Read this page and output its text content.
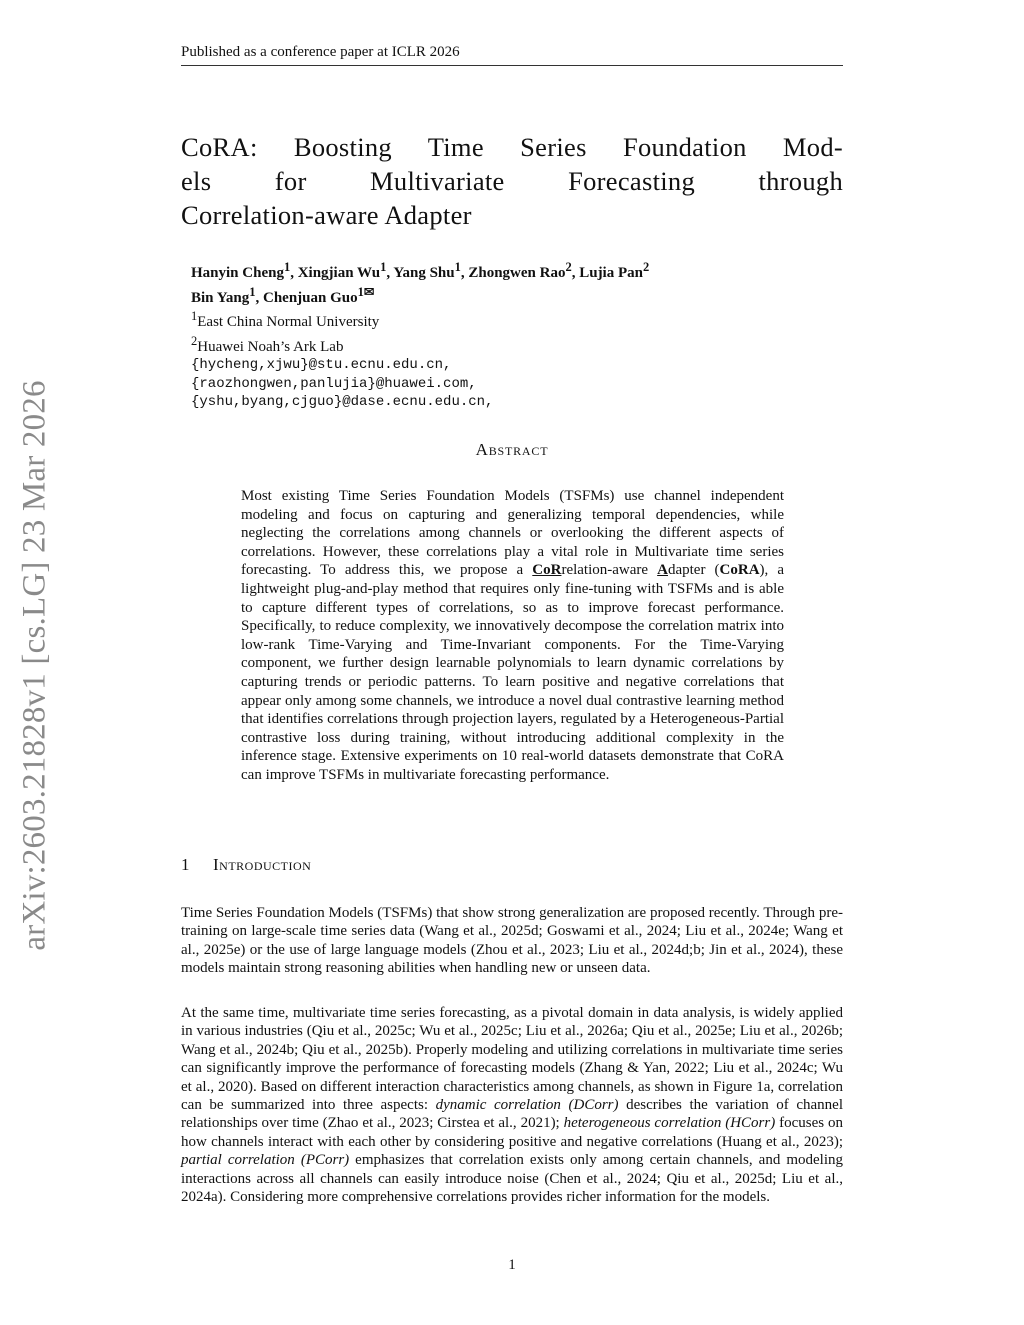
arXiv:2603.21828v1 [cs.LG] 23 Mar 2026
Published as a conference paper at ICLR 2026
CoRA: Boosting Time Series Foundation Mod-
els for Multivariate Forecasting through
Correlation-aware Adapter
Hanyin Cheng$^1$, Xingjian Wu$^1$, Yang Shu$^1$, Zhongwen Rao$^2$, Lujia Pan$^2$
Bin Yang$^1$, Chenjuan Guo$^{1✉}$
$^1$East China Normal University
$^2$Huawei Noah’s Ark Lab
{hycheng,xjwu}@stu.ecnu.edu.cn,
{raozhongwen,panlujia}@huawei.com,
{yshu,byang,cjguo}@dase.ecnu.edu.cn,
Abstract

Most existing Time Series Foundation Models (TSFMs) use channel independent modeling and focus on capturing and generalizing temporal dependencies, while neglecting the correlations among channels or overlooking the different aspects of correlations. However, these correlations play a vital role in Multivariate time series forecasting. To address this, we propose a CoRrelation-aware Adapter (CoRA), a lightweight plug-and-play method that requires only fine-tuning with TSFMs and is able to capture different types of correlations, so as to improve forecast performance. Specifically, to reduce complexity, we innovatively decompose the correlation matrix into low-rank Time-Varying and Time-Invariant components. For the Time-Varying component, we further design learnable polynomials to learn dynamic correlations by capturing trends or periodic patterns. To learn positive and negative correlations that appear only among some channels, we introduce a novel dual contrastive learning method that identifies correlations through projection layers, regulated by a Heterogeneous-Partial contrastive loss during training, without introducing additional complexity in the inference stage. Extensive experiments on 10 real-world datasets demonstrate that CoRA can improve TSFMs in multivariate forecasting performance.

1 Introduction

Time Series Foundation Models (TSFMs) that show strong generalization are proposed recently. Through pre-training on large-scale time series data (Wang et al., 2025d; Goswami et al., 2024; Liu et al., 2024e; Wang et al., 2025e) or the use of large language models (Zhou et al., 2023; Liu et al., 2024d;b; Jin et al., 2024), these models maintain strong reasoning abilities when handling new or unseen data.

At the same time, multivariate time series forecasting, as a pivotal domain in data analysis, is widely applied in various industries (Qiu et al., 2025c; Wu et al., 2025c; Liu et al., 2026a; Qiu et al., 2025e; Liu et al., 2026b; Wang et al., 2024b; Qiu et al., 2025b). Properly modeling and utilizing correlations in multivariate time series can significantly improve the performance of forecasting models (Zhang & Yan, 2022; Liu et al., 2024c; Wu et al., 2020). Based on different interaction characteristics among channels, as shown in Figure 1a, correlation can be summarized into three aspects: dynamic correlation (DCorr) describes the variation of channel relationships over time (Zhao et al., 2023; Cirstea et al., 2021); heterogeneous correlation (HCorr) focuses on how channels interact with each other by considering positive and negative correlations (Huang et al., 2023); partial correlation (PCorr) emphasizes that correlation exists only among certain channels, and modeling interactions across all channels can easily introduce noise (Chen et al., 2024; Qiu et al., 2025d; Liu et al., 2024a). Considering more comprehensive correlations provides richer information for the models.

1
